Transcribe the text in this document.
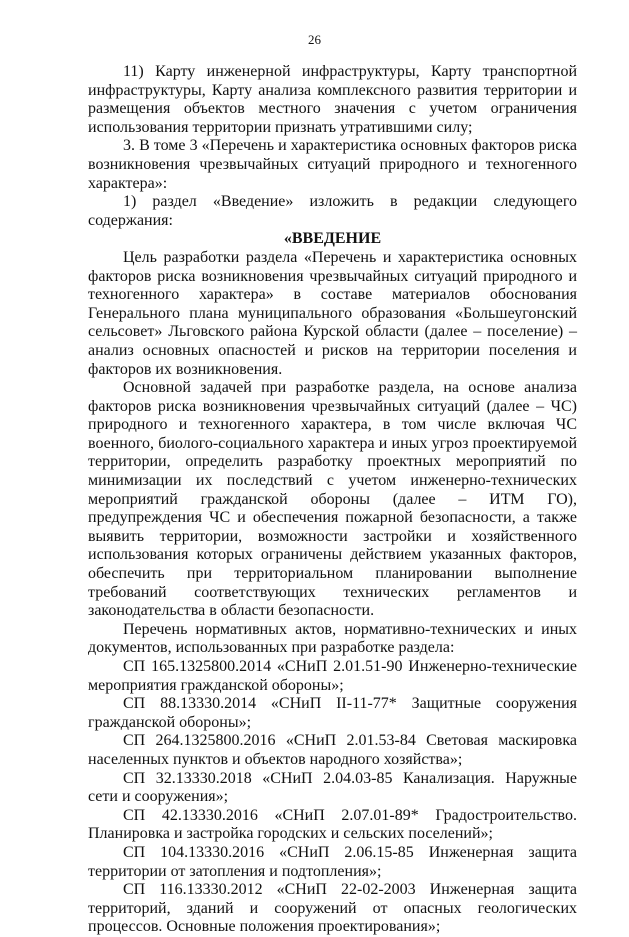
26

11) Карту инженерной инфраструктуры, Карту транспортной инфраструктуры, Карту анализа комплексного развития территории и размещения объектов местного значения с учетом ограничения использования территории признать утратившими силу;

3. В томе 3 «Перечень и характеристика основных факторов риска возникновения чрезвычайных ситуаций природного и техногенного характера»:

1) раздел «Введение» изложить в редакции следующего содержания:

«ВВЕДЕНИЕ

Цель разработки раздела «Перечень и характеристика основных факторов риска возникновения чрезвычайных ситуаций природного и техногенного характера» в составе материалов обоснования Генерального плана муниципального образования «Большеугонский сельсовет» Льговского района Курской области (далее – поселение) – анализ основных опасностей и рисков на территории поселения и факторов их возникновения.

Основной задачей при разработке раздела, на основе анализа факторов риска возникновения чрезвычайных ситуаций (далее – ЧС) природного и техногенного характера, в том числе включая ЧС военного, биолого-социального характера и иных угроз проектируемой территории, определить разработку проектных мероприятий по минимизации их последствий с учетом инженерно-технических мероприятий гражданской обороны (далее – ИТМ ГО), предупреждения ЧС и обеспечения пожарной безопасности, а также выявить территории, возможности застройки и хозяйственного использования которых ограничены действием указанных факторов, обеспечить при территориальном планировании выполнение требований соответствующих технических регламентов и законодательства в области безопасности.

Перечень нормативных актов, нормативно-технических и иных документов, использованных при разработке раздела:

СП 165.1325800.2014 «СНиП 2.01.51-90 Инженерно-технические мероприятия гражданской обороны»;

СП 88.13330.2014 «СНиП II-11-77* Защитные сооружения гражданской обороны»;

СП 264.1325800.2016 «СНиП 2.01.53-84 Световая маскировка населенных пунктов и объектов народного хозяйства»;

СП 32.13330.2018 «СНиП 2.04.03-85 Канализация. Наружные сети и сооружения»;

СП 42.13330.2016 «СНиП 2.07.01-89* Градостроительство. Планировка и застройка городских и сельских поселений»;

СП 104.13330.2016 «СНиП 2.06.15-85 Инженерная защита территории от затопления и подтопления»;

СП 116.13330.2012 «СНиП 22-02-2003 Инженерная защита территорий, зданий и сооружений от опасных геологических процессов. Основные положения проектирования»;
